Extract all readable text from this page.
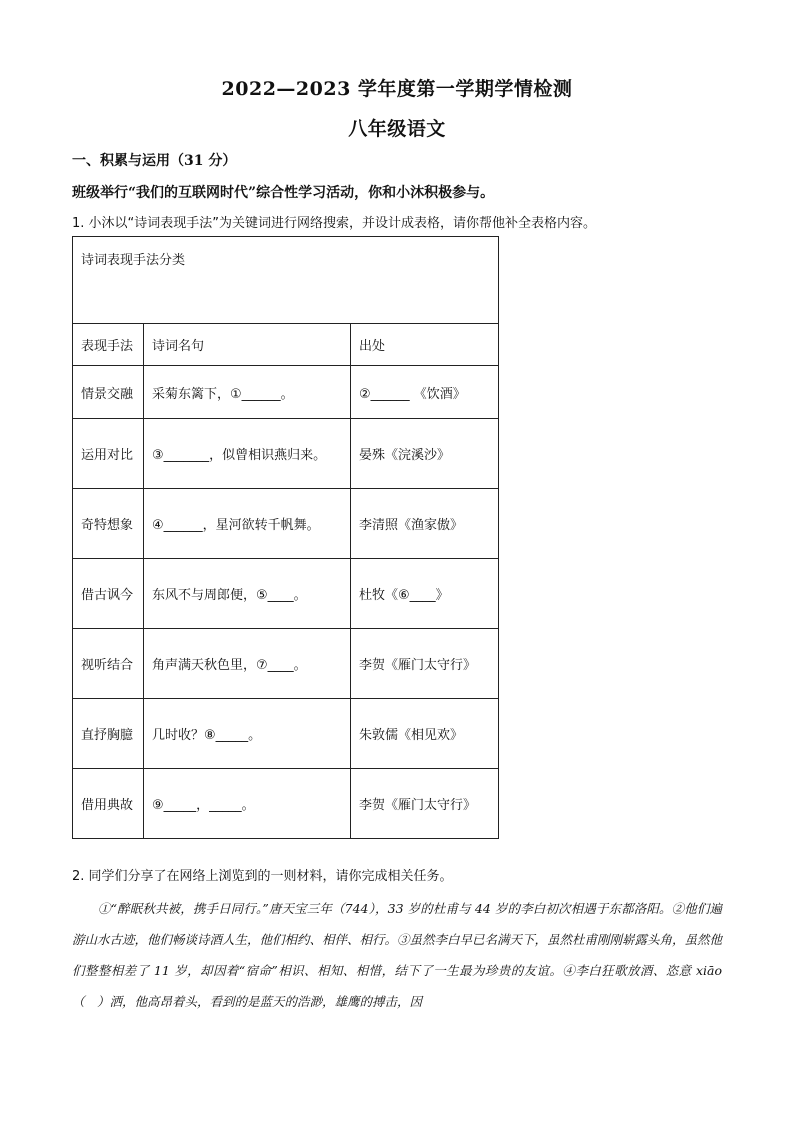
2022—2023 学年度第一学期学情检测
八年级语文
一、积累与运用（31 分）
班级举行“我们的互联网时代”综合性学习活动，你和小沐积极参与。
1. 小沐以“诗词表现手法”为关键词进行网络搜索，并设计成表格，请你帮他补全表格内容。
诗词表现手法分类		
表现手法	诗词名句	出处
情景交融	采菊东篱下，①______。	②______ 《饮酒》
运用对比	③_______，似曾相识燕归来。	晏殊《浣溪沙》
奇特想象	④______，星河欲转千帆舞。	李清照《渔家傲》
借古讽今	东风不与周郎便，⑤____。	杜牧《⑥____》
视听结合	角声满天秋色里，⑦____。	李贺《雁门太守行》
直抒胸臆	几时收？⑧_____。	朱敦儒《相见欢》
借用典故	⑨_____，_____。	李贺《雁门太守行》
2. 同学们分享了在网络上浏览到的一则材料，请你完成相关任务。
①“醉眠秋共被，携手日同行。”唐天宝三年（744），33 岁的杜甫与 44 岁的李白初次相遇于东都洛阳。②他们遍游山水古迹，他们畅谈诗酒人生，他们相约、相伴、相行。③虽然李白早已名满天下，虽然杜甫刚刚崭露头角，虽然他们整整相差了 11 岁，却因着“宿命”相识、相知、相惜，结下了一生最为珍贵的友谊。④李白狂歌放酒、恣意 xiāo（　）洒，他高昂着头，看到的是蓝天的浩渺，雄鹰的搏击，因
